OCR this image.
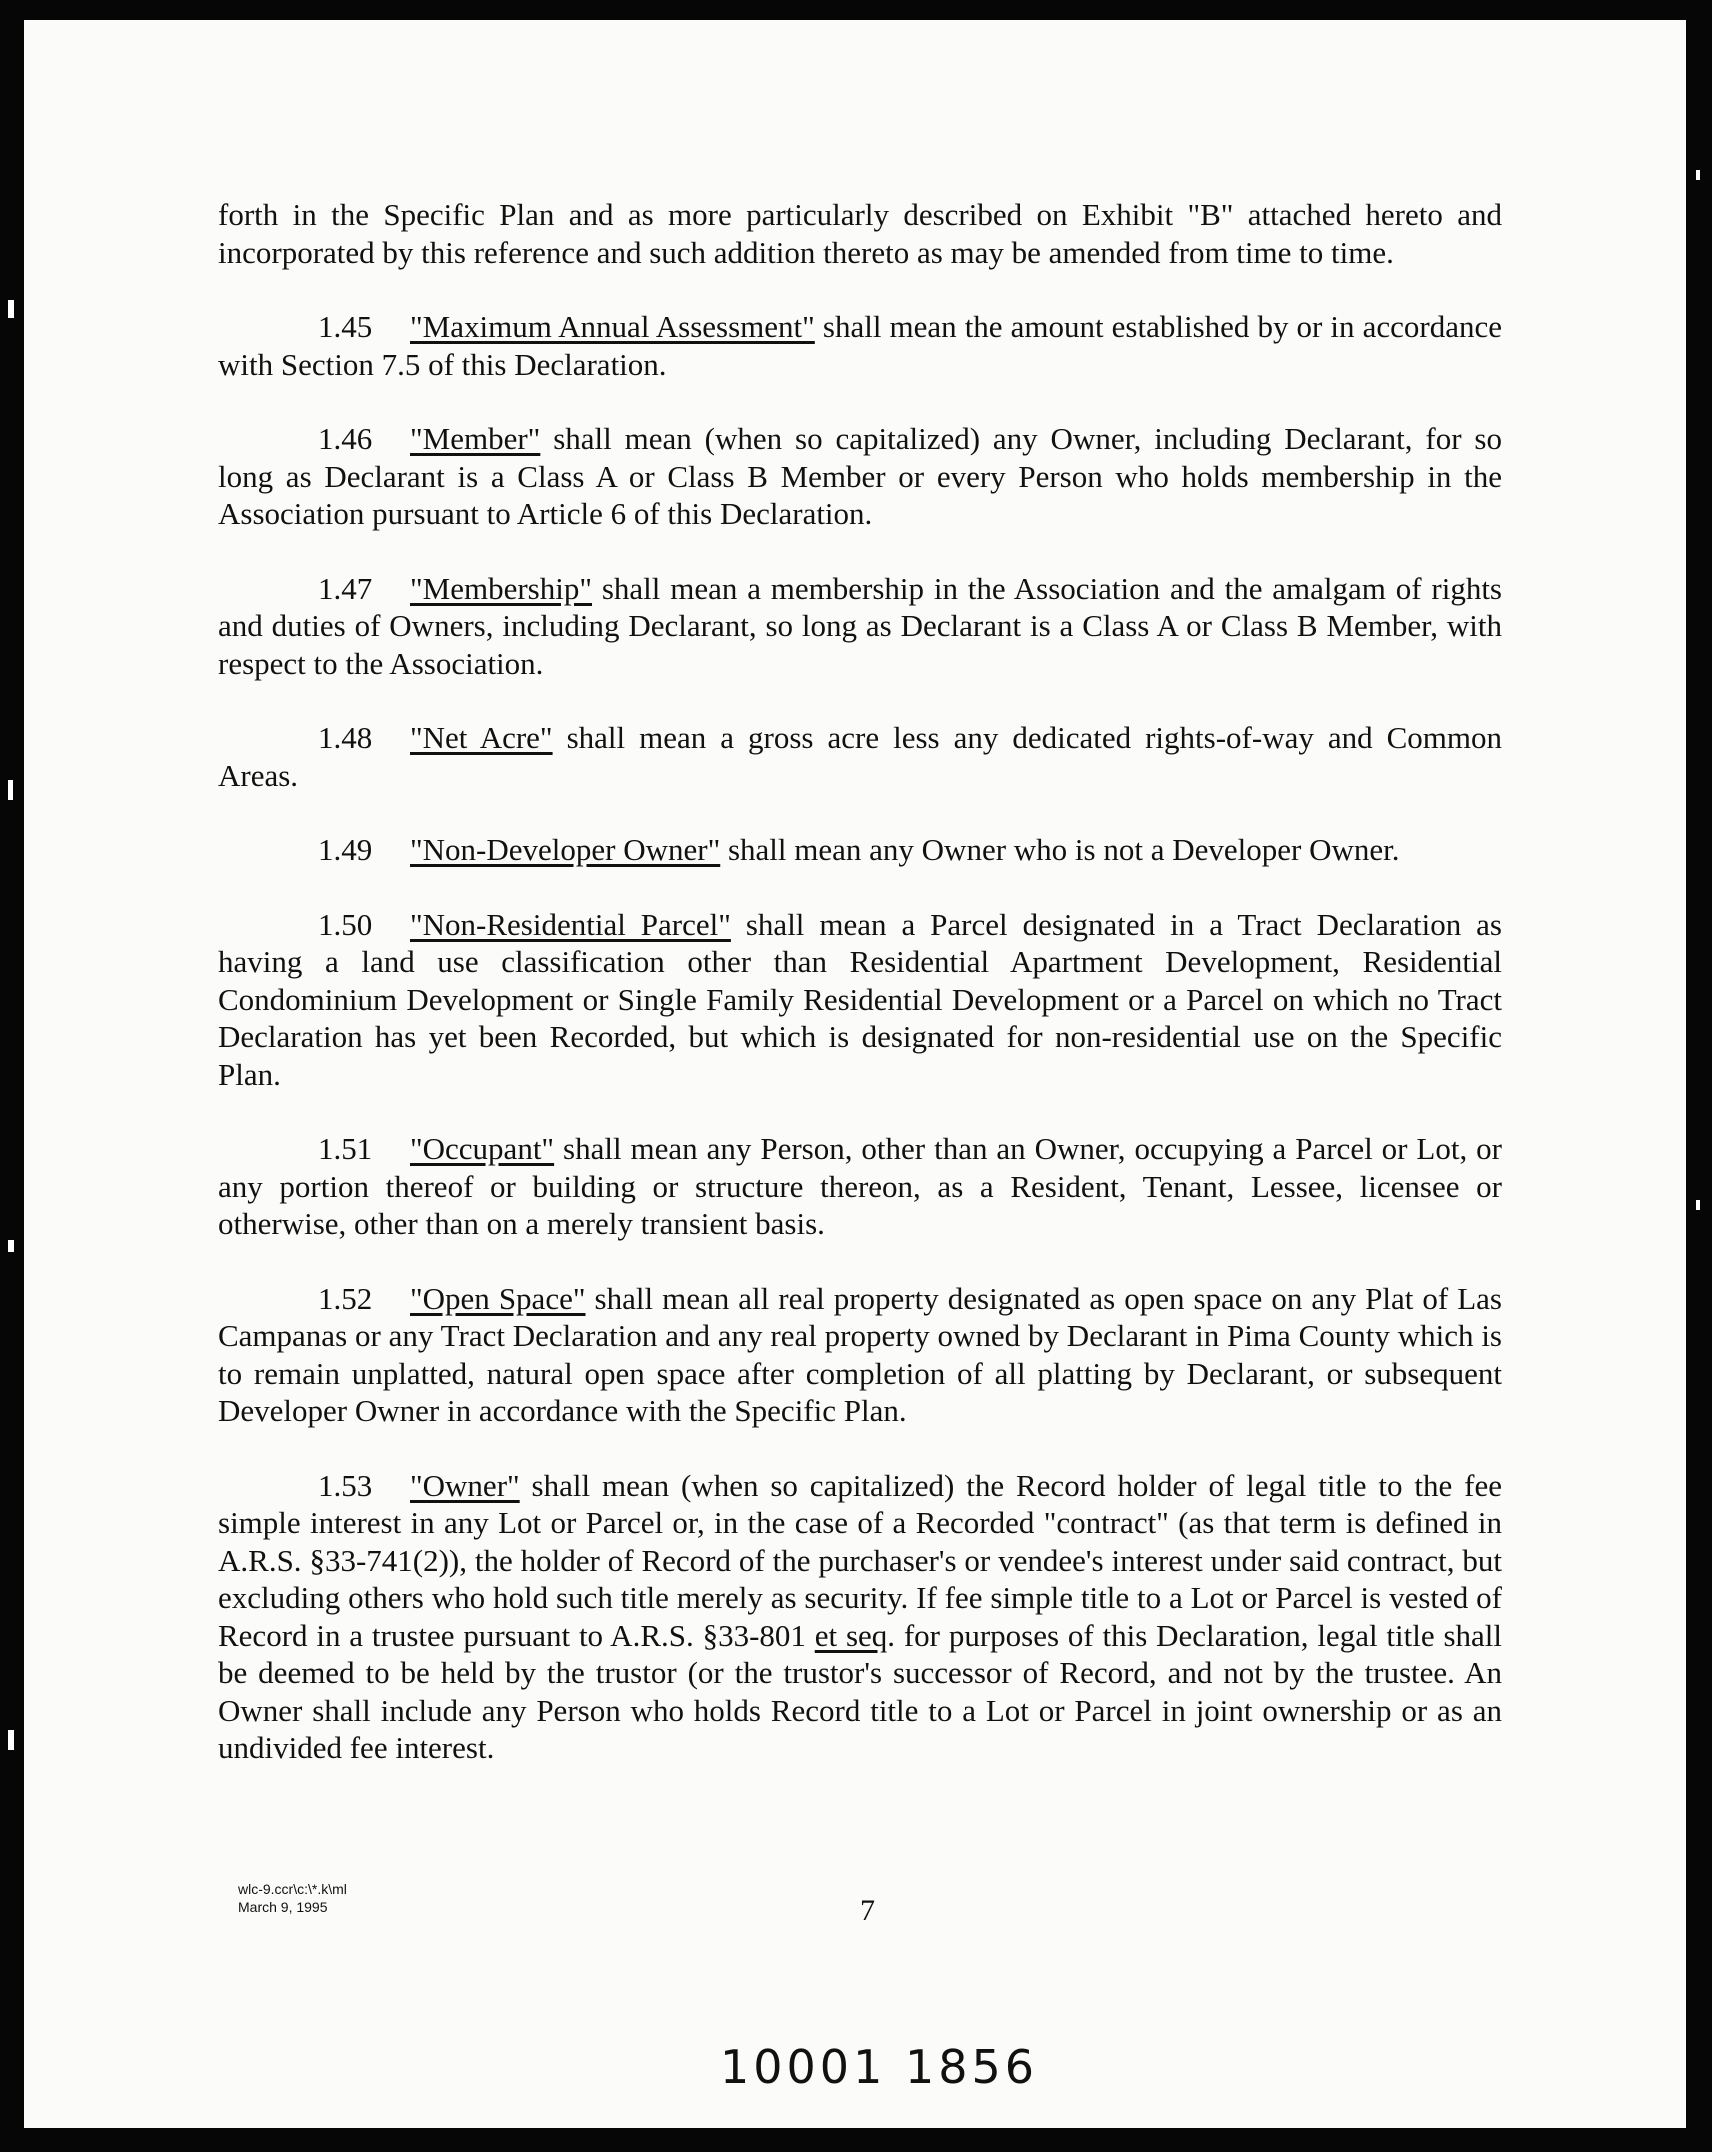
forth in the Specific Plan and as more particularly described on Exhibit "B" attached hereto and incorporated by this reference and such addition thereto as may be amended from time to time.

1.45 "Maximum Annual Assessment" shall mean the amount established by or in accordance with Section 7.5 of this Declaration.

1.46 "Member" shall mean (when so capitalized) any Owner, including Declarant, for so long as Declarant is a Class A or Class B Member or every Person who holds membership in the Association pursuant to Article 6 of this Declaration.

1.47 "Membership" shall mean a membership in the Association and the amalgam of rights and duties of Owners, including Declarant, so long as Declarant is a Class A or Class B Member, with respect to the Association.

1.48 "Net Acre" shall mean a gross acre less any dedicated rights-of-way and Common Areas.

1.49 "Non-Developer Owner" shall mean any Owner who is not a Developer Owner.

1.50 "Non-Residential Parcel" shall mean a Parcel designated in a Tract Declaration as having a land use classification other than Residential Apartment Development, Residential Condominium Development or Single Family Residential Development or a Parcel on which no Tract Declaration has yet been Recorded, but which is designated for non-residential use on the Specific Plan.

1.51 "Occupant" shall mean any Person, other than an Owner, occupying a Parcel or Lot, or any portion thereof or building or structure thereon, as a Resident, Tenant, Lessee, licensee or otherwise, other than on a merely transient basis.

1.52 "Open Space" shall mean all real property designated as open space on any Plat of Las Campanas or any Tract Declaration and any real property owned by Declarant in Pima County which is to remain unplatted, natural open space after completion of all platting by Declarant, or subsequent Developer Owner in accordance with the Specific Plan.

1.53 "Owner" shall mean (when so capitalized) the Record holder of legal title to the fee simple interest in any Lot or Parcel or, in the case of a Recorded "contract" (as that term is defined in A.R.S. §33-741(2)), the holder of Record of the purchaser's or vendee's interest under said contract, but excluding others who hold such title merely as security. If fee simple title to a Lot or Parcel is vested of Record in a trustee pursuant to A.R.S. §33-801 et seq. for purposes of this Declaration, legal title shall be deemed to be held by the trustor (or the trustor's successor of Record, and not by the trustee. An Owner shall include any Person who holds Record title to a Lot or Parcel in joint ownership or as an undivided fee interest.

wlc-9.ccr\c:\*.k\ml
March 9, 1995	7
10001 1856
